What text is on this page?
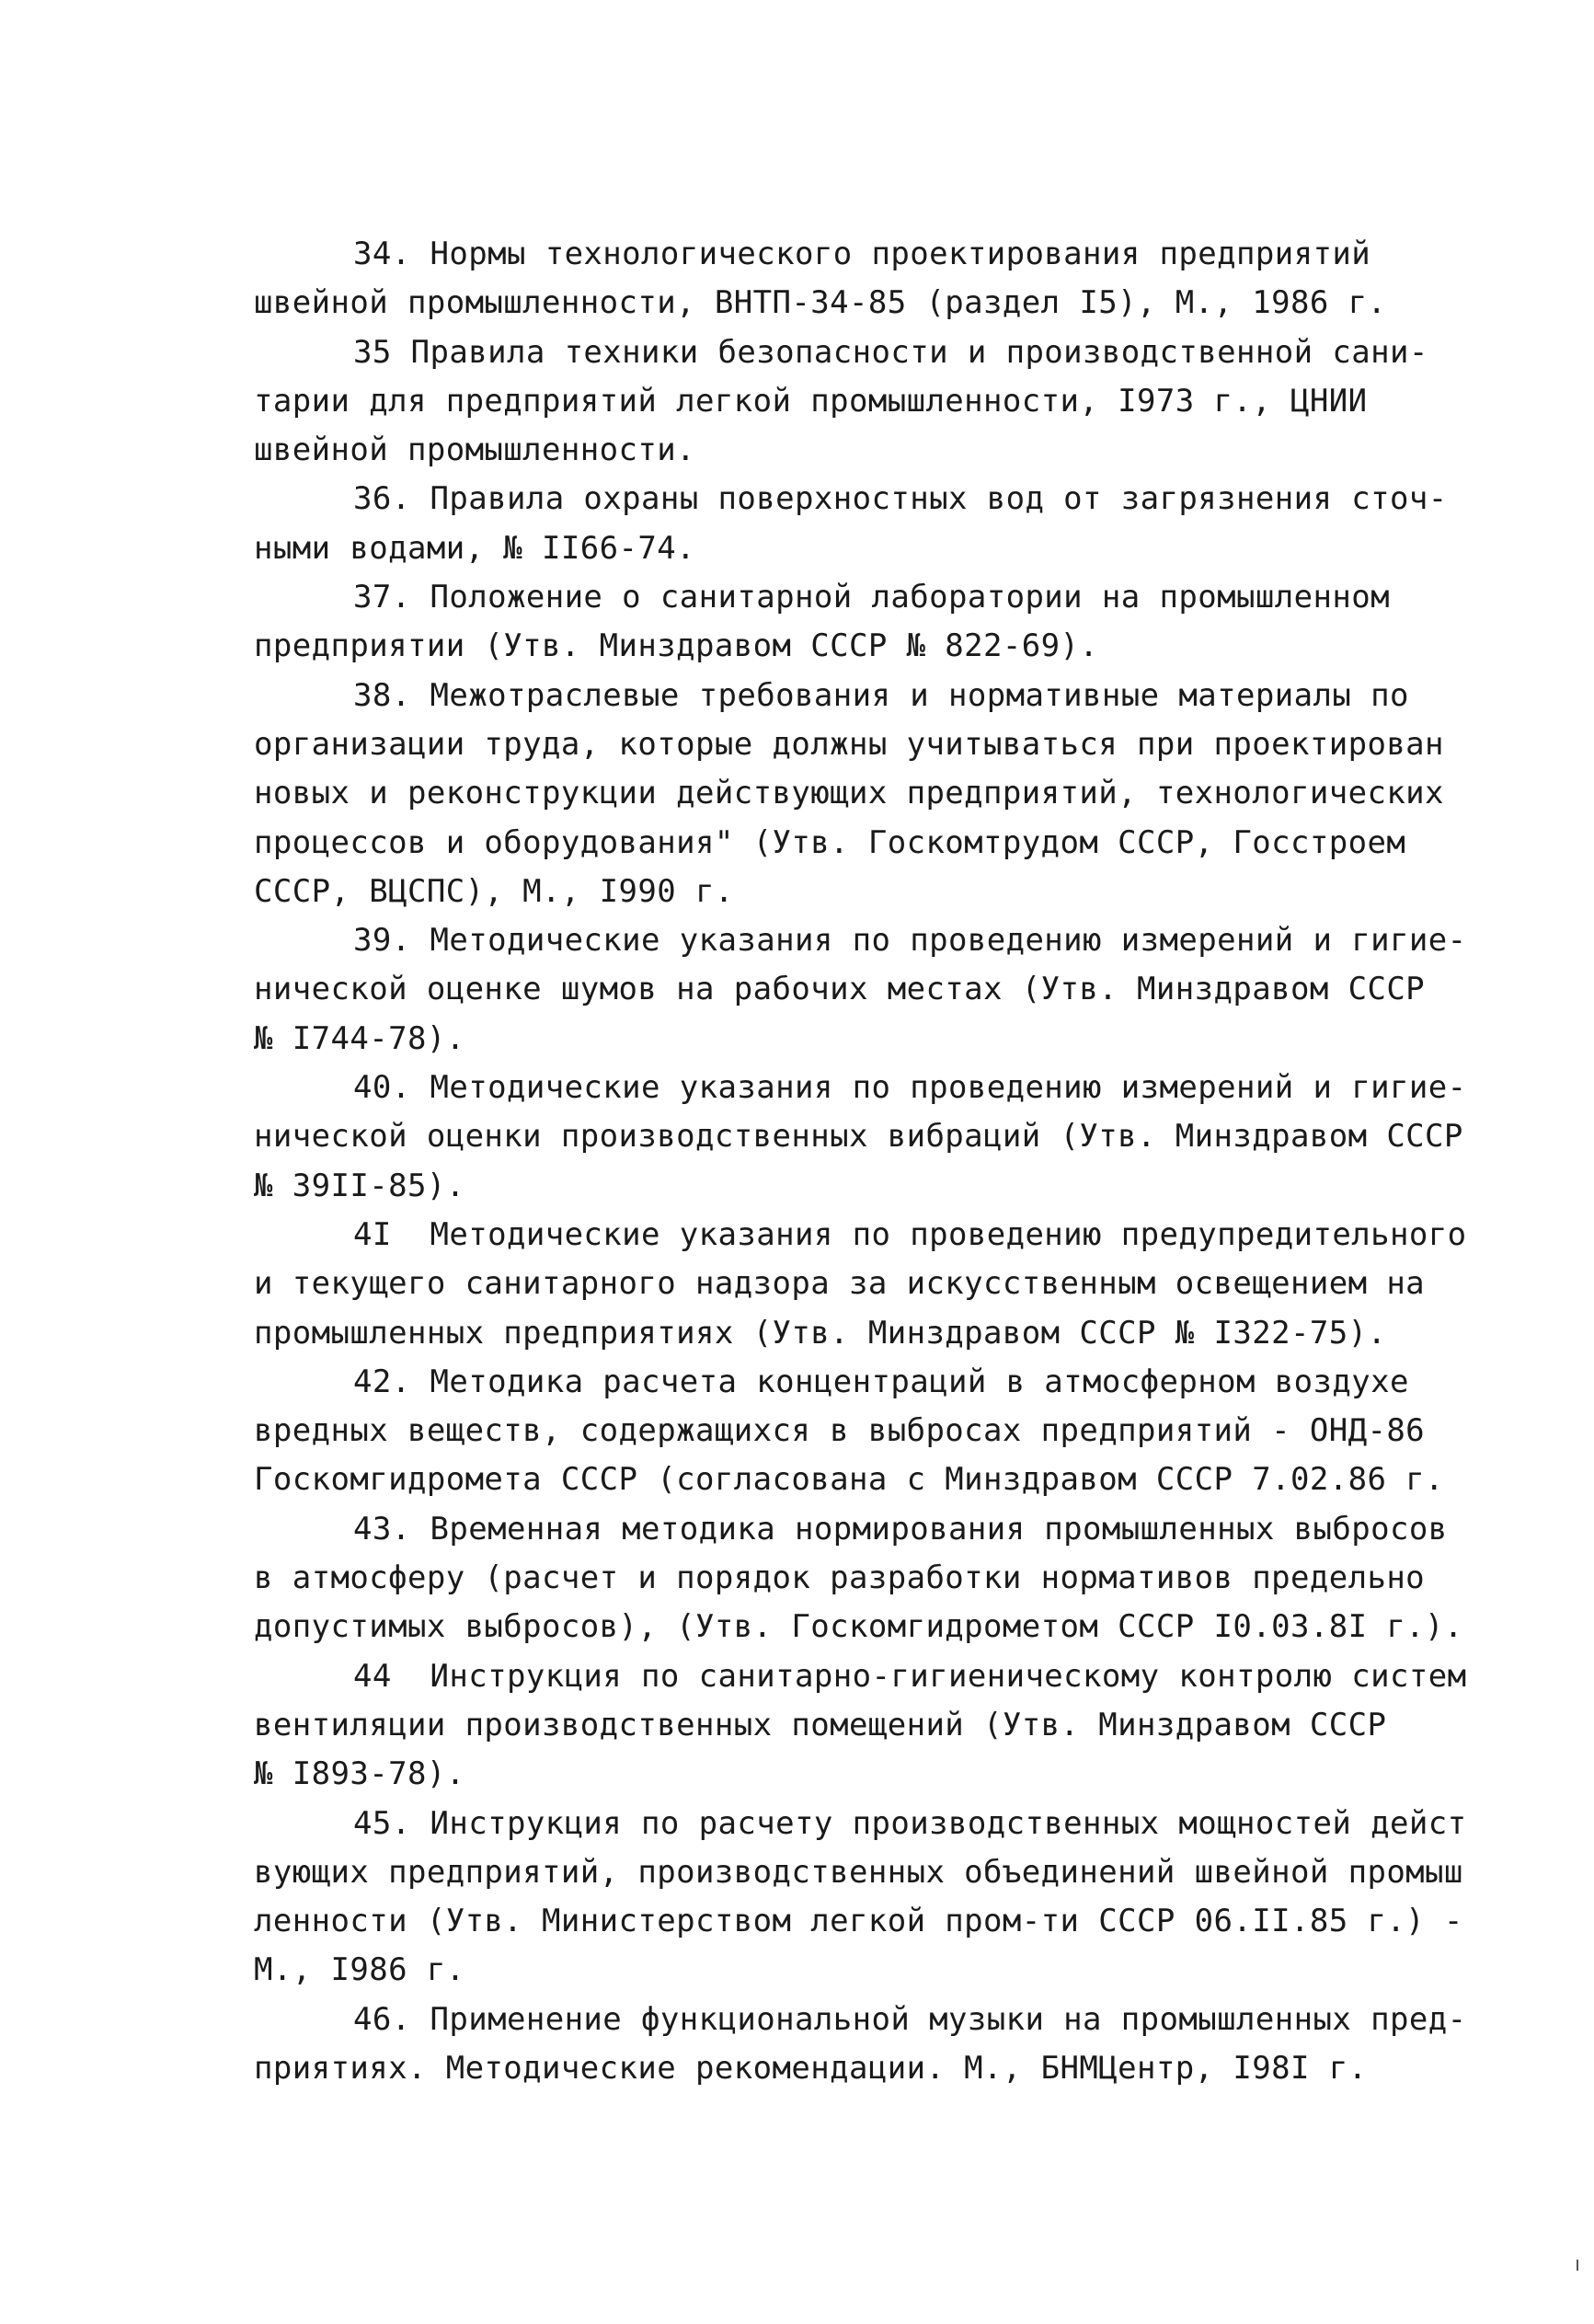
34. Нормы технологического проектирования предприятий
швейной промышленности, ВНТП-34-85 (раздел I5), М., 1986 г.
35 Правила техники безопасности и производственной сани-
тарии для предприятий легкой промышленности, I973 г., ЦНИИ
швейной промышленности.
36. Правила охраны поверхностных вод от загрязнения сточ-
ными водами, № II66-74.
37. Положение о санитарной лаборатории на промышленном
предприятии (Утв. Минздравом СССР № 822-69).
38. Межотраслевые требования и нормативные материалы по
организации труда, которые должны учитываться при проектирован
новых и реконструкции действующих предприятий, технологических
процессов и оборудования" (Утв. Госкомтрудом СССР, Госстроем
СССР, ВЦСПС), М., I990 г.
39. Методические указания по проведению измерений и гигие-
нической оценке шумов на рабочих местах (Утв. Минздравом СССР
№ I744-78).
40. Методические указания по проведению измерений и гигие-
нической оценки производственных вибраций (Утв. Минздравом СССР
№ 39II-85).
4I  Методические указания по проведению предупредительного
и текущего санитарного надзора за искусственным освещением на
промышленных предприятиях (Утв. Минздравом СССР № I322-75).
42. Методика расчета концентраций в атмосферном воздухе
вредных веществ, содержащихся в выбросах предприятий - ОНД-86
Госкомгидромета СССР (согласована с Минздравом СССР 7.02.86 г.
43. Временная методика нормирования промышленных выбросов
в атмосферу (расчет и порядок разработки нормативов предельно
допустимых выбросов), (Утв. Госкомгидрометом СССР I0.03.8I г.).
44  Инструкция по санитарно-гигиеническому контролю систем
вентиляции производственных помещений (Утв. Минздравом СССР
№ I893-78).
45. Инструкция по расчету производственных мощностей дейст
вующих предприятий, производственных объединений швейной промыш
ленности (Утв. Министерством легкой пром-ти СССР 06.II.85 г.) -
М., I986 г.
46. Применение функциональной музыки на промышленных пред-
приятиях. Методические рекомендации. М., БНМЦентр, I98I г.
